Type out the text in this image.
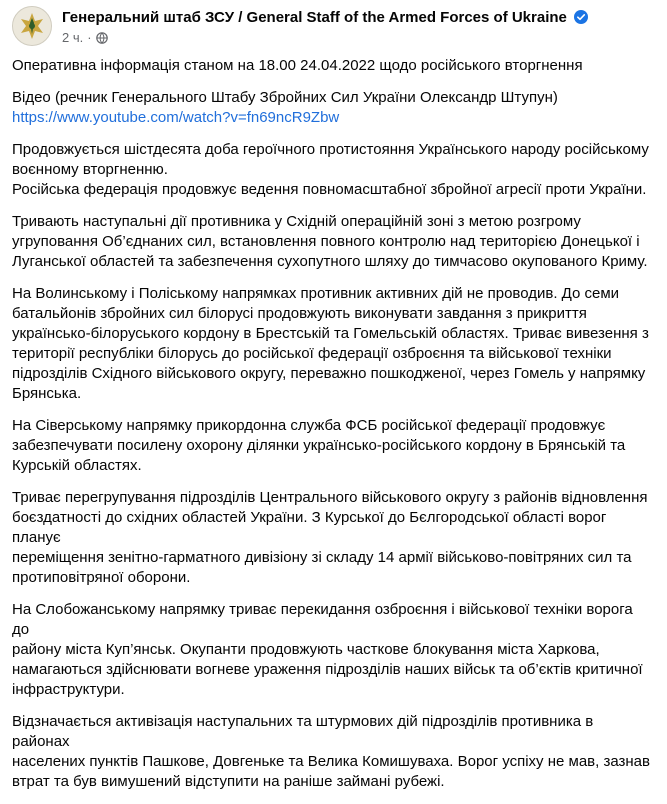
Генеральний штаб ЗСУ / General Staff of the Armed Forces of Ukraine
2 ч. ·

Оперативна інформація станом на 18.00 24.04.2022 щодо російського вторгнення

Відео (речник Генерального Штабу Збройних Сил України Олександр Штупун)

https://www.youtube.com/watch?v=fn69ncR9Zbw

Продовжується шістдесята доба героїчного протистояння Українського народу російському
воєнному вторгненню.
Російська федерація продовжує ведення повномасштабної збройної агресії проти України.

Тривають наступальні дії противника у Східній операційній зоні з метою розгрому
угруповання Об’єднаних сил, встановлення повного контролю над територією Донецької і
Луганської областей та забезпечення сухопутного шляху до тимчасово окупованого Криму.

На Волинському і Поліському напрямках противник активних дій не проводив. До семи
батальйонів збройних сил білорусі продовжують виконувати завдання з прикриття
українсько-білоруського кордону в Брестській та Гомельській областях. Триває вивезення з
території республіки білорусь до російської федерації озброєння та військової техніки
підрозділів Східного військового округу, переважно пошкодженої, через Гомель у напрямку
Брянська.

На Сіверському напрямку прикордонна служба ФСБ російської федерації продовжує
забезпечувати посилену охорону ділянки українсько-російського кордону в Брянській та
Курській областях.

Триває перегрупування підрозділів Центрального військового округу з районів відновлення
боєздатності до східних областей України. З Курської до Бєлгородської області ворог планує
переміщення зенітно-гарматного дивізіону зі складу 14 армії військово-повітряних сил та
протиповітряної оборони.

На Слобожанському напрямку триває перекидання озброєння і військової техніки ворога до
району міста Куп’янськ. Окупанти продовжують часткове блокування міста Харкова,
намагаються здійснювати вогневе ураження підрозділів наших військ та об’єктів критичної
інфраструктури.

Відзначається активізація наступальних та штурмових дій підрозділів противника в районах
населених пунктів Пашкове, Довгеньке та Велика Комишуваха. Ворог успіху не мав, зазнав
втрат та був вимушений відступити на раніше займані рубежі.
